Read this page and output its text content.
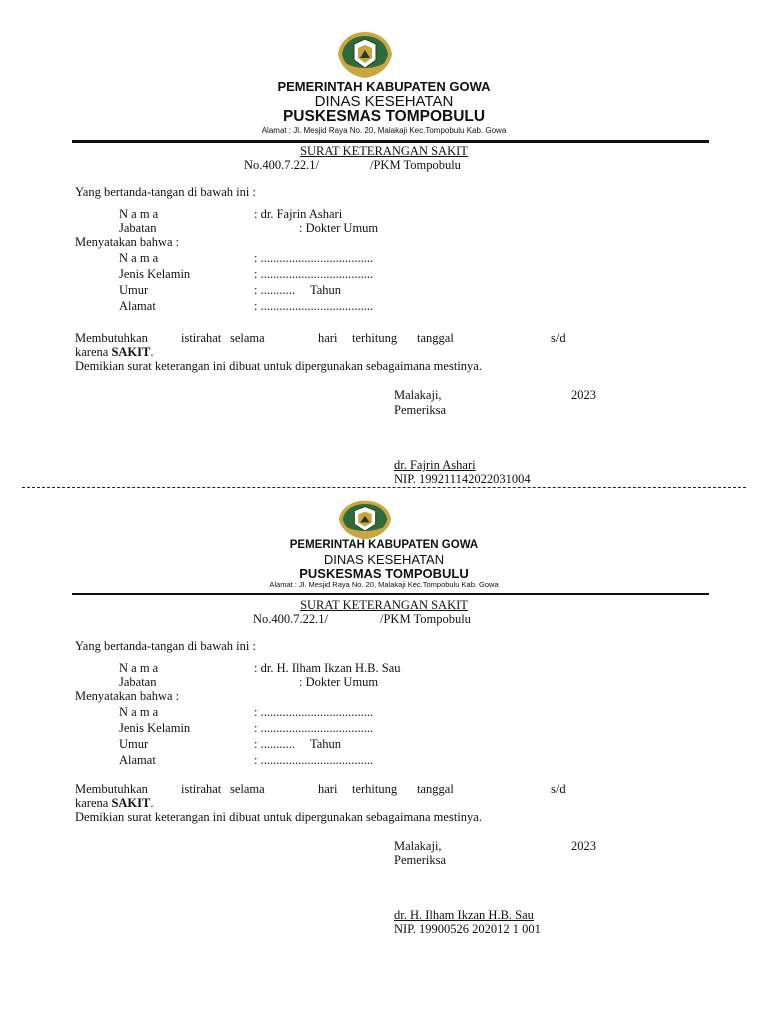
PEMERINTAH KABUPATEN GOWA
DINAS KESEHATAN
PUSKESMAS TOMPOBULU
Alamat : Jl. Mesjid Raya No. 20, Malakaji Kec.Tompobulu Kab. Gowa
SURAT KETERANGAN SAKIT
No.400.7.22.1/	/PKM Tompobulu
Yang bertanda-tangan di bawah ini :
N a m a	: dr. Fajrin Ashari
Jabatan	: Dokter Umum
Menyatakan bahwa :
N a m a	: ....................................
Jenis Kelamin	: ....................................
Umur	: ........... Tahun
Alamat	: ....................................
Membutuhkan	istirahat selama	hari terhitung tanggal	s/d
karena SAKIT.
Demikian surat keterangan ini dibuat untuk dipergunakan sebagaimana mestinya.
Malakaji,	2023
Pemeriksa
dr. Fajrin Ashari
NIP. 199211142022031004
PEMERINTAH KABUPATEN GOWA
DINAS KESEHATAN
PUSKESMAS TOMPOBULU
Alamat : Jl. Mesjid Raya No. 20, Malakaji Kec.Tompobulu Kab. Gowa
SURAT KETERANGAN SAKIT
No.400.7.22.1/	/PKM Tompobulu
Yang bertanda-tangan di bawah ini :
N a m a	: dr. H. Ilham Ikzan H.B. Sau
Jabatan	: Dokter Umum
Menyatakan bahwa :
N a m a	: ....................................
Jenis Kelamin	: ....................................
Umur	: ........... Tahun
Alamat	: ....................................
Membutuhkan	istirahat selama	hari terhitung tanggal	s/d
karena SAKIT.
Demikian surat keterangan ini dibuat untuk dipergunakan sebagaimana mestinya.
Malakaji,	2023
Pemeriksa
dr. H. Ilham Ikzan H.B. Sau
NIP. 19900526 202012 1 001
